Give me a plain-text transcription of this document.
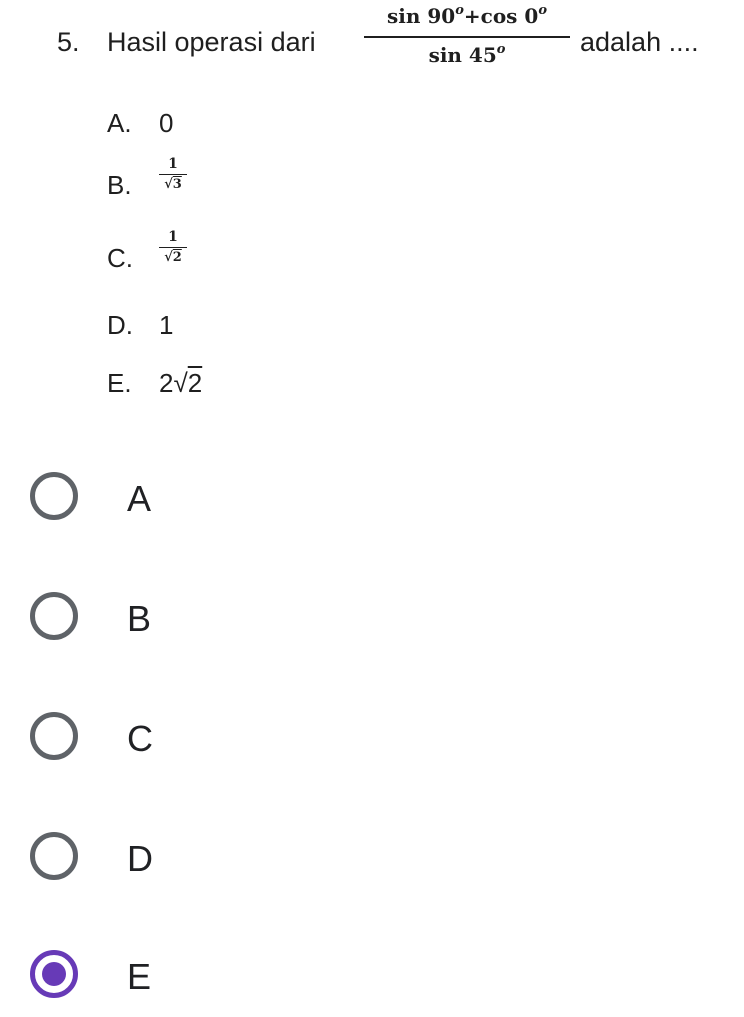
5. Hasil operasi dari
$\sin 90^o+\cos$ 0$^o$
sin 45$^o$	adalah ....
A. 0
B.
1
√3
C.
1
√2
D. 1
E. 2√2
A
B
C
D
E
